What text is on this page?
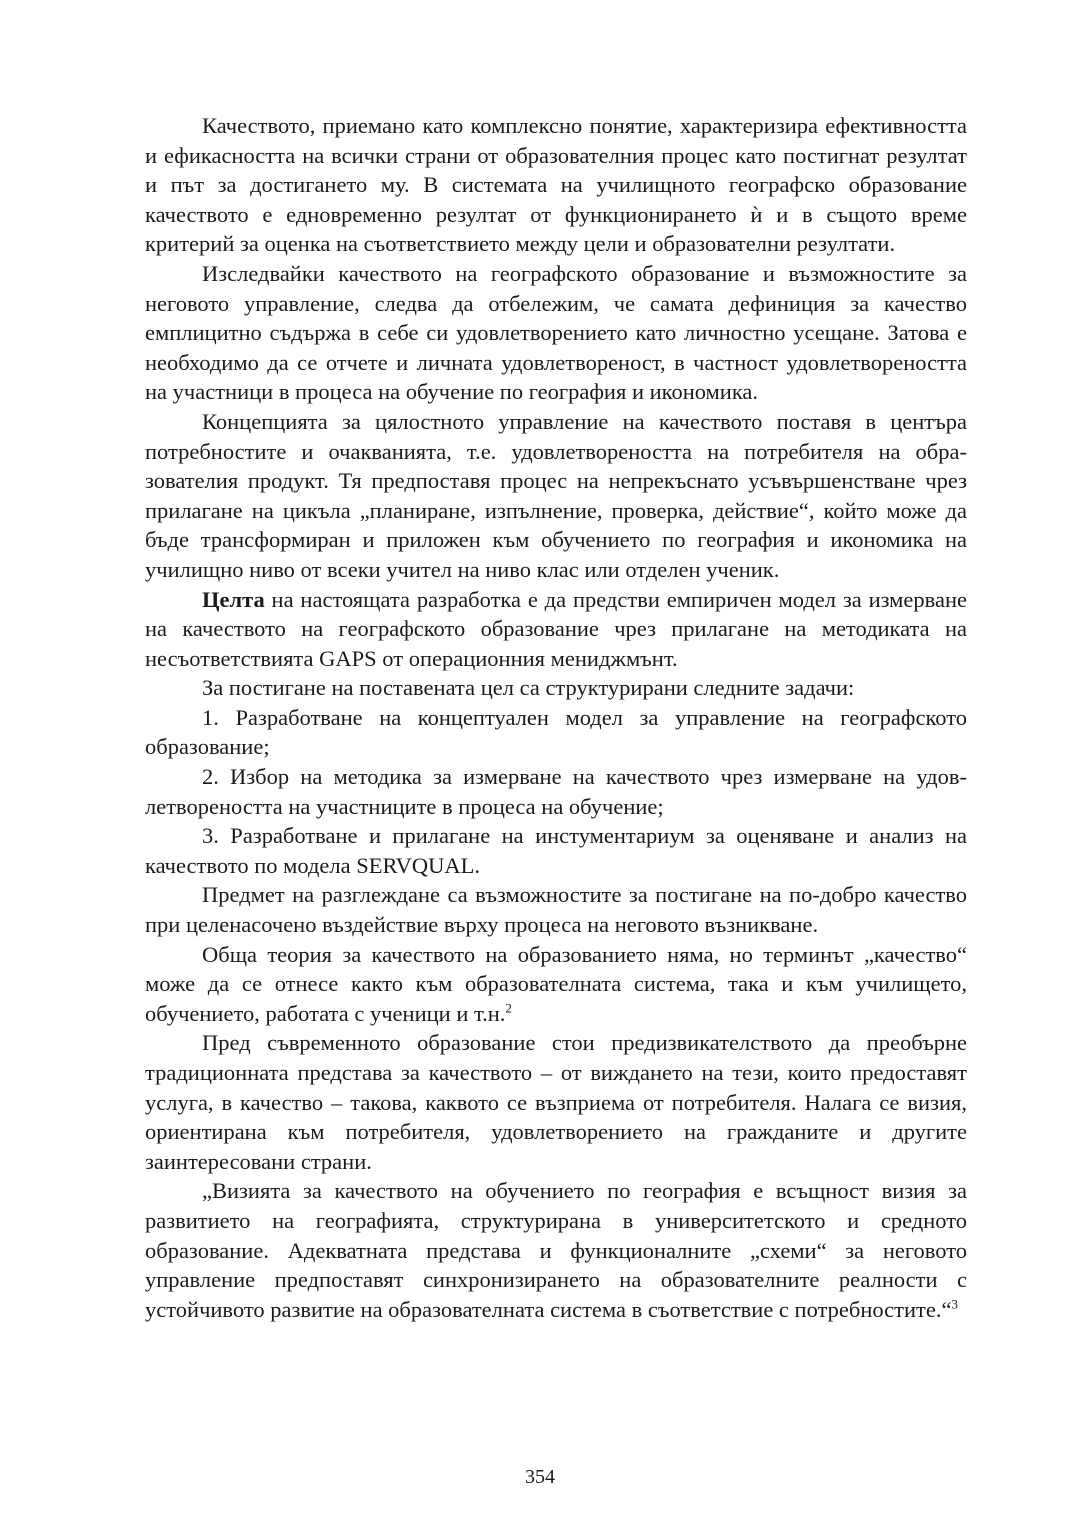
Качеството, приемано като комплексно понятие, характеризира ефективността и ефикасността на всички страни от образователния процес като постигнат резултат и път за достигането му. В системата на училищното географско образование качеството е едновременно резултат от функционирането ѝ и в същото време критерий за оценка на съответствието между цели и образователни резултати.

Изследвайки качеството на географското образование и възможностите за неговото управление, следва да отбележим, че самата дефиниция за качество емплицитно съдържа в себе си удовлетворението като личностно усещане. Затова е необходимо да се отчете и личната удовлетвореност, в частност удовлетвореността на участници в процеса на обучение по география и икономика.

Концепцията за цялостното управление на качеството поставя в центъра потребностите и очакванията, т.е. удовлетвореността на потребителя на образователия продукт. Тя предпоставя процес на непрекъснато усъвършенстване чрез прилагане на цикъла „планиране, изпълнение, проверка, действие“, който може да бъде трансформиран и приложен към обучението по география и икономика на училищно ниво от всеки учител на ниво клас или отделен ученик.

Целта на настоящата разработка е да предстви емпиричен модел за измерване на качеството на географското образование чрез прилагане на методиката на несъответствията GAPS от операционния мениджмънт.

За постигане на поставената цел са структурирани следните задачи:

1. Разработване на концептуален модел за управление на географското образование;

2. Избор на методика за измерване на качеството чрез измерване на удовлетвореността на участниците в процеса на обучение;

3. Разработване и прилагане на инстументариум за оценяване и анализ на качеството по модела SERVQUAL.

Предмет на разглеждане са възможностите за постигане на по-добро качество при целенасочено въздействие върху процеса на неговото възникване.

Обща теория за качеството на образованието няма, но терминът „качество“ може да се отнесе както към образователната система, така и към училището, обучението, работата с ученици и т.н.$^2$

Пред съвременното образование стои предизвикателството да преобърне традиционната представа за качеството – от виждането на тези, които предоставят услуга, в качество – такова, каквото се възприема от потребителя. Налага се визия, ориентирана към потребителя, удовлетворението на гражданите и другите заинтересовани страни.

„Визията за качеството на обучението по география е всъщност визия за развитието на географията, структурирана в университетското и средното образование. Адекватната представа и функционалните „схеми“ за неговото управление предпоставят синхронизирането на образователните реалности с устойчивото развитие на образователната система в съответствие с потребностите.“$^3$

354
